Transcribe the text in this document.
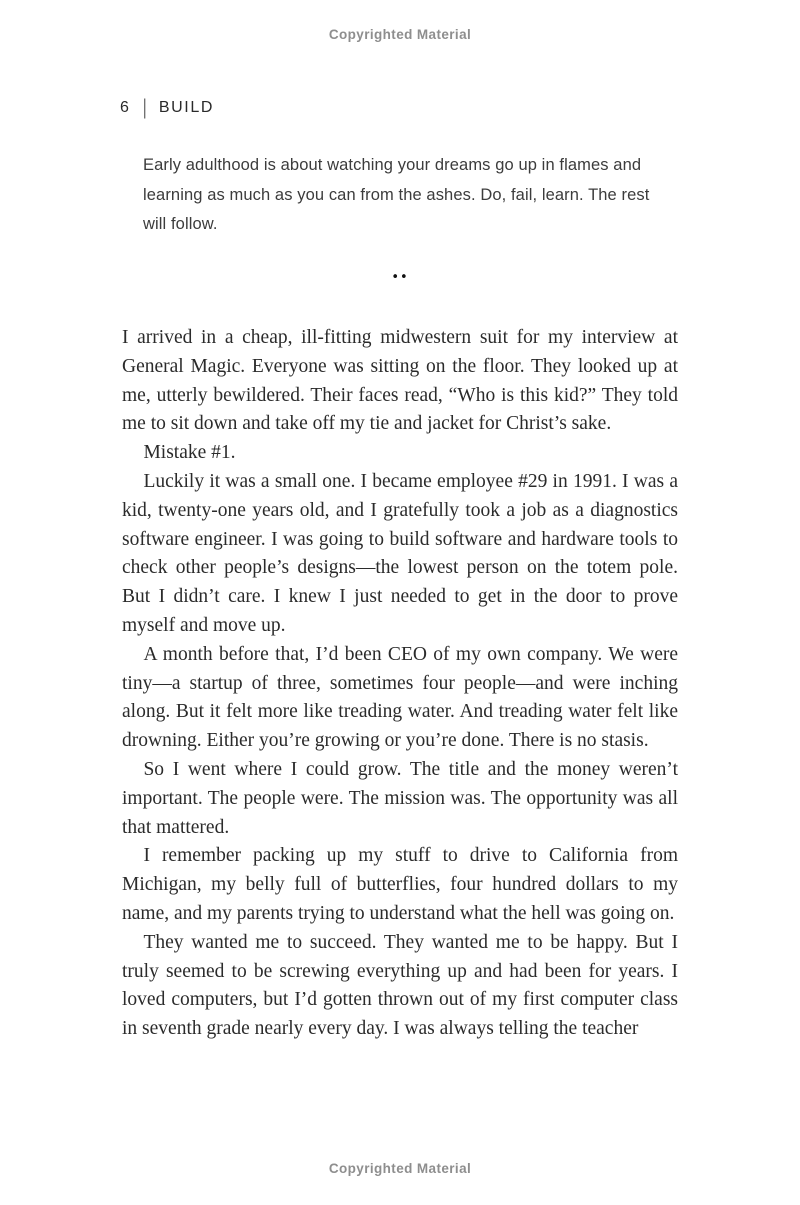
Copyrighted Material
6 | BUILD
Early adulthood is about watching your dreams go up in flames and learning as much as you can from the ashes. Do, fail, learn. The rest will follow.
••

I arrived in a cheap, ill-fitting midwestern suit for my interview at General Magic. Everyone was sitting on the floor. They looked up at me, utterly bewildered. Their faces read, “Who is this kid?” They told me to sit down and take off my tie and jacket for Christ’s sake.

Mistake #1.

Luckily it was a small one. I became employee #29 in 1991. I was a kid, twenty-one years old, and I gratefully took a job as a diagnostics software engineer. I was going to build software and hardware tools to check other people’s designs—the lowest person on the totem pole. But I didn’t care. I knew I just needed to get in the door to prove myself and move up.

A month before that, I’d been CEO of my own company. We were tiny—a startup of three, sometimes four people—and were inching along. But it felt more like treading water. And treading water felt like drowning. Either you’re growing or you’re done. There is no stasis.

So I went where I could grow. The title and the money weren’t important. The people were. The mission was. The opportunity was all that mattered.

I remember packing up my stuff to drive to California from Michigan, my belly full of butterflies, four hundred dollars to my name, and my parents trying to understand what the hell was going on.

They wanted me to succeed. They wanted me to be happy. But I truly seemed to be screwing everything up and had been for years. I loved computers, but I’d gotten thrown out of my first computer class in seventh grade nearly every day. I was always telling the teacher

Copyrighted Material
